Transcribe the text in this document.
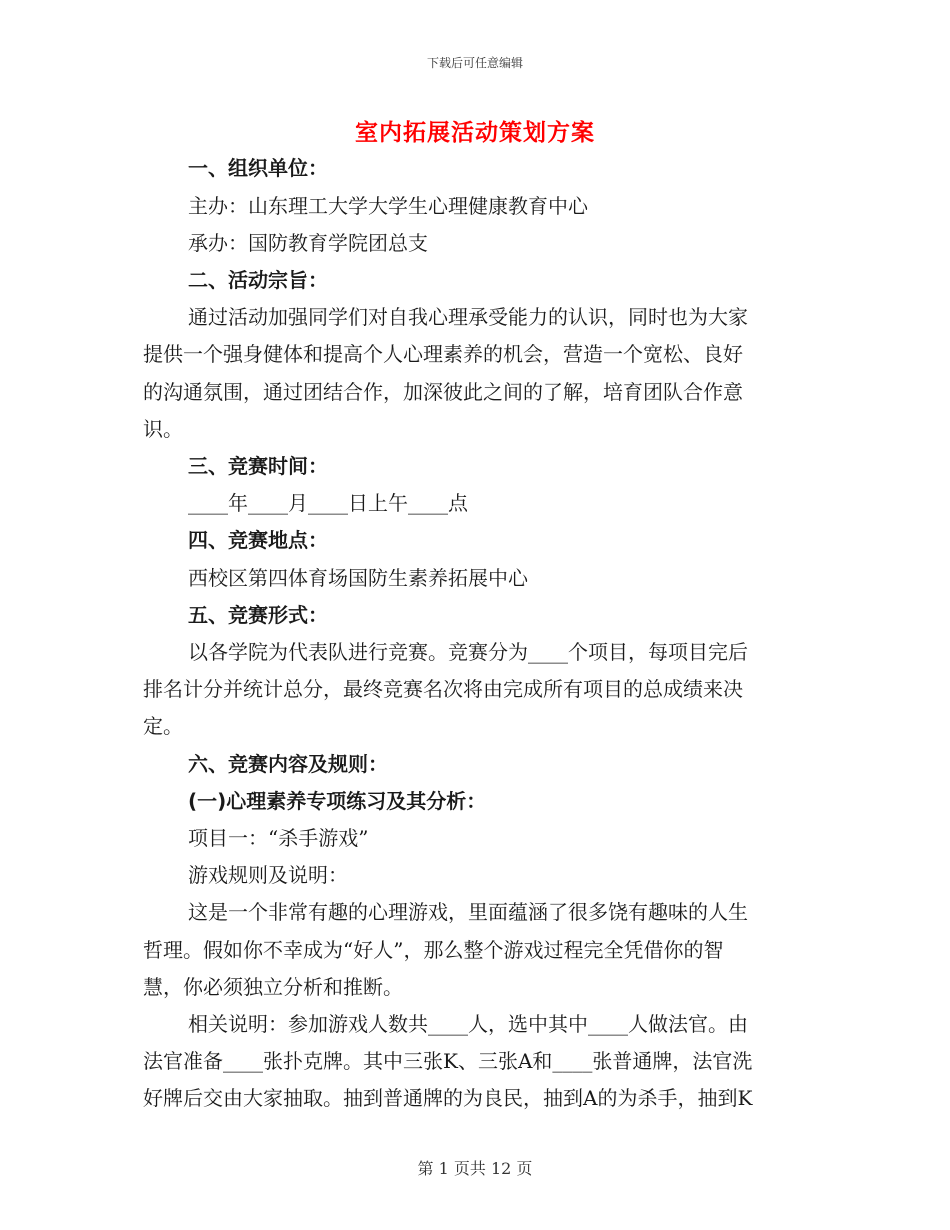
下载后可任意编辑
室内拓展活动策划方案
一、组织单位：
主办：山东理工大学大学生心理健康教育中心
承办：国防教育学院团总支
二、活动宗旨：
通过活动加强同学们对自我心理承受能力的认识，同时也为大家
提供一个强身健体和提高个人心理素养的机会，营造一个宽松、良好
的沟通氛围，通过团结合作，加深彼此之间的了解，培育团队合作意
识。
三、竞赛时间：
____年____月____日上午____点
四、竞赛地点：
西校区第四体育场国防生素养拓展中心
五、竞赛形式：
以各学院为代表队进行竞赛。竞赛分为____个项目，每项目完后
排名计分并统计总分，最终竞赛名次将由完成所有项目的总成绩来决
定。
六、竞赛内容及规则：
(一)心理素养专项练习及其分析：
项目一：“杀手游戏”
游戏规则及说明：
这是一个非常有趣的心理游戏，里面蕴涵了很多饶有趣味的人生
哲理。假如你不幸成为“好人”，那么整个游戏过程完全凭借你的智
慧，你必须独立分析和推断。
相关说明：参加游戏人数共____人，选中其中____人做法官。由
法官准备____张扑克牌。其中三张K、三张A和____张普通牌，法官洗
好牌后交由大家抽取。抽到普通牌的为良民，抽到A的为杀手，抽到K
第 1 页共 12 页
